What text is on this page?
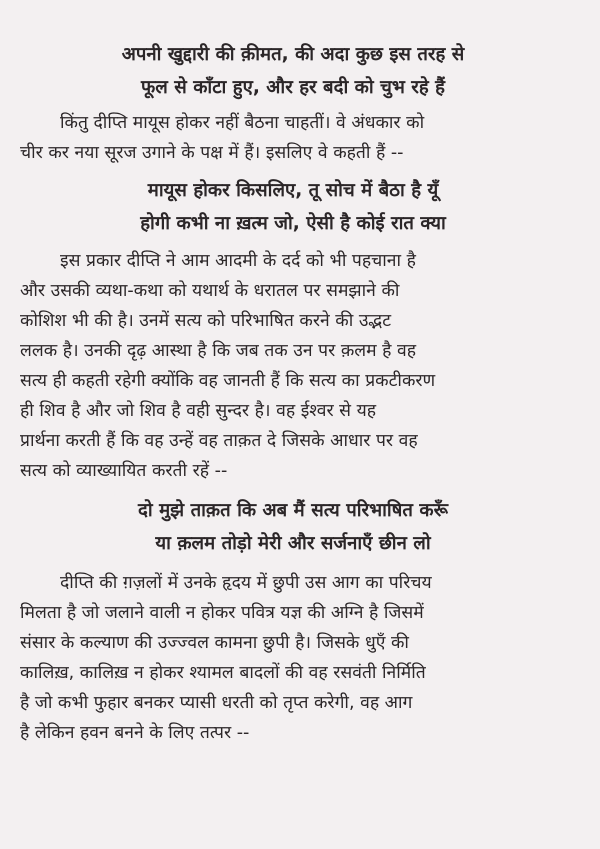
अपनी खुद्दारी की क़ीमत, की अदा कुछ इस तरह से
फूल से काँटा हुए, और हर बदी को चुभ रहे हैं
किंतु दीप्ति मायूस होकर नहीं बैठना चाहतीं। वे अंधकार को
चीर कर नया सूरज उगाने के पक्ष में हैं। इसलिए वे कहती हैं --
मायूस होकर किसलिए, तू सोच में बैठा है यूँ
होगी कभी ना ख़त्म जो, ऐसी है कोई रात क्या
इस प्रकार दीप्ति ने आम आदमी के दर्द को भी पहचाना है
और उसकी व्यथा-कथा को यथार्थ के धरातल पर समझाने की
कोशिश भी की है। उनमें सत्य को परिभाषित करने की उद्भट
ललक है। उनकी दृढ़ आस्था है कि जब तक उन पर क़लम है वह
सत्य ही कहती रहेगी क्योंकि वह जानती हैं कि सत्य का प्रकटीकरण
ही शिव है और जो शिव है वही सुन्दर है। वह ईश्वर से यह
प्रार्थना करती हैं कि वह उन्हें वह ताक़त दे जिसके आधार पर वह
सत्य को व्याख्यायित करती रहें --
दो मुझे ताक़त कि अब मैं सत्य परिभाषित करूँ
या क़लम तोड़ो मेरी और सर्जनाएँ छीन लो
दीप्ति की ग़ज़लों में उनके हृदय में छुपी उस आग का परिचय
मिलता है जो जलाने वाली न होकर पवित्र यज्ञ की अग्नि है जिसमें
संसार के कल्याण की उज्ज्वल कामना छुपी है। जिसके धुएँ की
कालिख़, कालिख़ न होकर श्यामल बादलों की वह रसवंती निर्मिति
है जो कभी फुहार बनकर प्यासी धरती को तृप्त करेगी, वह आग
है लेकिन हवन बनने के लिए तत्पर --
